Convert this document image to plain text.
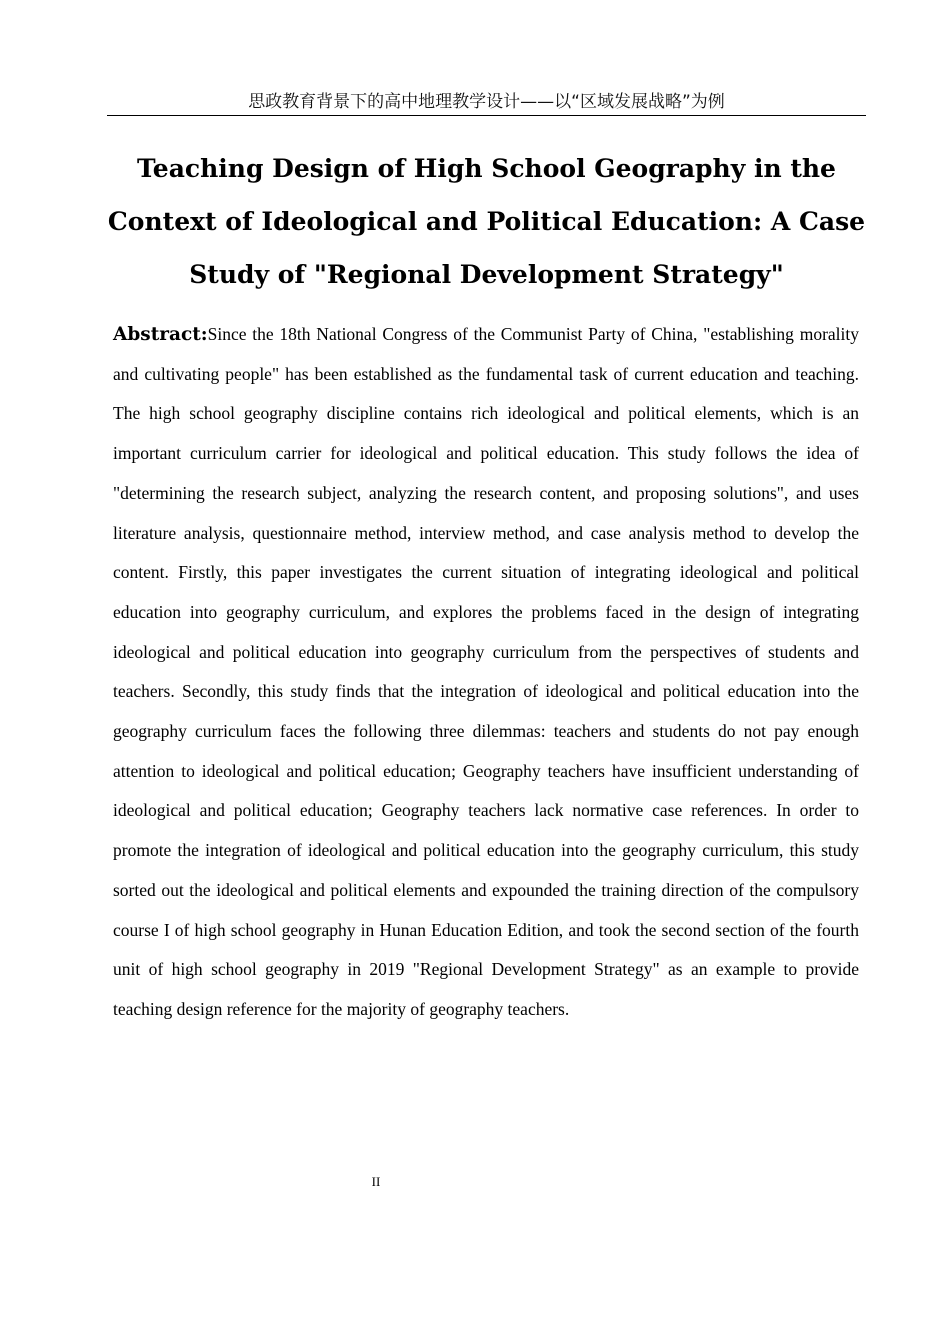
思政教育背景下的高中地理教学设计——以“区域发展战略”为例
Teaching Design of High School Geography in the Context of Ideological and Political Education: A Case Study of "Regional Development Strategy"

Abstract:Since the 18th National Congress of the Communist Party of China, "establishing morality and cultivating people" has been established as the fundamental task of current education and teaching. The high school geography discipline contains rich ideological and political elements, which is an important curriculum carrier for ideological and political education. This study follows the idea of "determining the research subject, analyzing the research content, and proposing solutions", and uses literature analysis, questionnaire method, interview method, and case analysis method to develop the content. Firstly, this paper investigates the current situation of integrating ideological and political education into geography curriculum, and explores the problems faced in the design of integrating ideological and political education into geography curriculum from the perspectives of students and teachers. Secondly, this study finds that the integration of ideological and political education into the geography curriculum faces the following three dilemmas: teachers and students do not pay enough attention to ideological and political education; Geography teachers have insufficient understanding of ideological and political education; Geography teachers lack normative case references. In order to promote the integration of ideological and political education into the geography curriculum, this study sorted out the ideological and political elements and expounded the training direction of the compulsory course I of high school geography in Hunan Education Edition, and took the second section of the fourth unit of high school geography in 2019 "Regional Development Strategy" as an example to provide teaching design reference for the majority of geography teachers.

II
